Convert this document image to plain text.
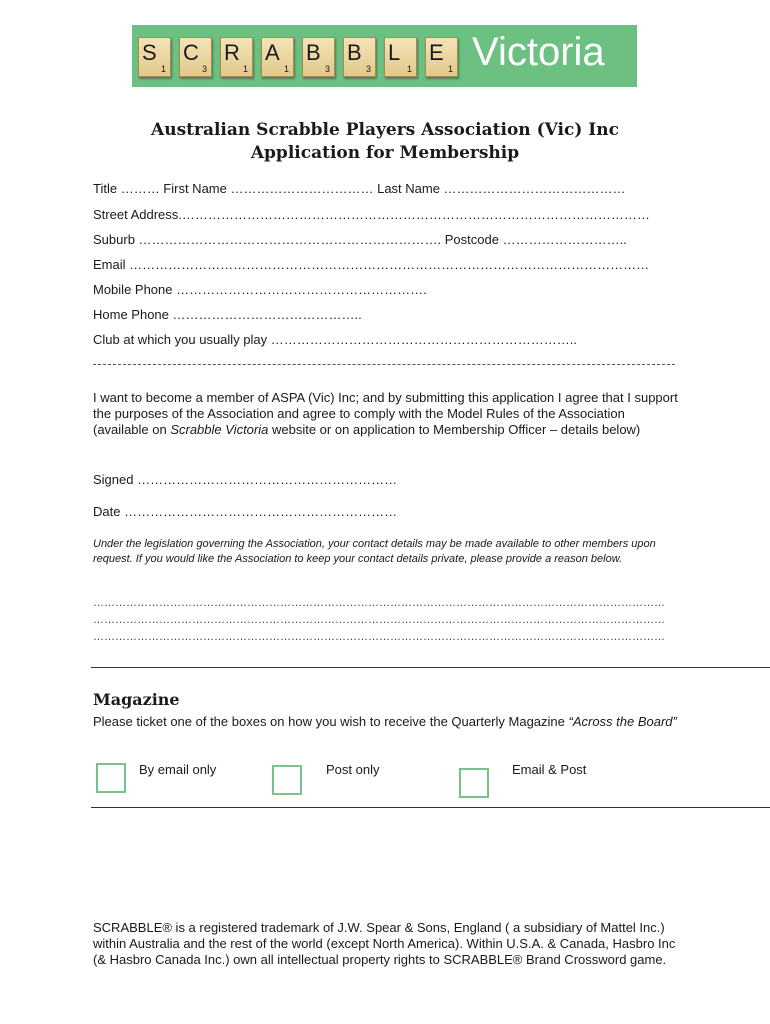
S
1
C
3
R
1
A
1
B
3
B
3
L
1
E
1 Victoria
Australian Scrabble Players Association (Vic) Inc
Application for Membership
Title ……… First Name …………………………… Last Name ……………………………………
Street Address.………………………………………………………………………………………………
Suburb ……………………………………………………………. Postcode ………………………..
Email …………………………………………………………………………………………………………
Mobile Phone ………………………………………………….
Home Phone ……………………………………..
Club at which you usually play ……………………………………………………………..
I want to become a member of ASPA (Vic) Inc; and by submitting this application I agree that I support the purposes of the Association and agree to comply with the Model Rules of the Association (available on Scrabble Victoria website or on application to Membership Officer – details below)
Signed ……………………………………………………
Date ………………………………………………………
Under the legislation governing the Association, your contact details may be made available to other members upon request. If you would like the Association to keep your contact details private, please provide a reason below.
…………………………………………………………………………………………………………………………………………
…………………………………………………………………………………………………………………………………………
…………………………………………………………………………………………………………………………………………
Magazine
Please ticket one of the boxes on how you wish to receive the Quarterly Magazine “Across the Board”
By email only	Post only	Email & Post
SCRABBLE® is a registered trademark of J.W. Spear & Sons, England ( a subsidiary of Mattel Inc.) within Australia and the rest of the world (except North America). Within U.S.A. & Canada, Hasbro Inc (& Hasbro Canada Inc.) own all intellectual property rights to SCRABBLE® Brand Crossword game.
